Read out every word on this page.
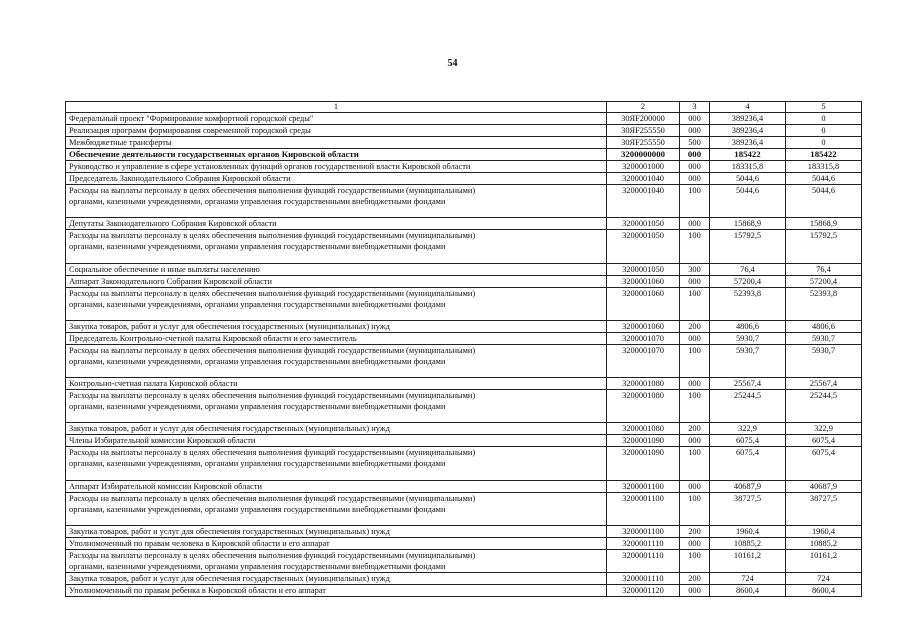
54
1	2	3	4	5
Федеральный проект "Формирование комфортной городской среды"	30ЯF200000	000	389236,4	0
Реализация программ формирования современной городской среды	30ЯF255550	000	389236,4	0
Межбюджетные трансферты	30ЯF255550	500	389236,4	0
Обеспечение деятельности государственных органов Кировской области	3200000000	000	185422	185422
Руководство и управление в сфере установленных функций органов государственной власти Кировской области	3200001000	000	183315,8	183315,8
Председатель Законодательного Собрания Кировской области	3200001040	000	5044,6	5044,6
Расходы на выплаты персоналу в целях обеспечения выполнения функций государственными (муниципальными)
органами, казенными учреждениями, органами управления государственными внебюджетными фондами	3200001040	100	5044,6	5044,6
Депутаты Законодательного Собрания Кировской области	3200001050	000	15868,9	15868,9
Расходы на выплаты персоналу в целях обеспечения выполнения функций государственными (муниципальными)
органами, казенными учреждениями, органами управления государственными внебюджетными фондами	3200001050	100	15792,5	15792,5
Социальное обеспечение и иные выплаты населению	3200001050	300	76,4	76,4
Аппарат Законодательного Собрания Кировской области	3200001060	000	57200,4	57200,4
Расходы на выплаты персоналу в целях обеспечения выполнения функций государственными (муниципальными)
органами, казенными учреждениями, органами управления государственными внебюджетными фондами	3200001060	100	52393,8	52393,8
Закупка товаров, работ и услуг для обеспечения государственных (муниципальных) нужд	3200001060	200	4806,6	4806,6
Председатель Контрольно-счетной палаты Кировской области и его заместитель	3200001070	000	5930,7	5930,7
Расходы на выплаты персоналу в целях обеспечения выполнения функций государственными (муниципальными)
органами, казенными учреждениями, органами управления государственными внебюджетными фондами	3200001070	100	5930,7	5930,7
Контрольно-счетная палата Кировской области	3200001080	000	25567,4	25567,4
Расходы на выплаты персоналу в целях обеспечения выполнения функций государственными (муниципальными)
органами, казенными учреждениями, органами управления государственными внебюджетными фондами	3200001080	100	25244,5	25244,5
Закупка товаров, работ и услуг для обеспечения государственных (муниципальных) нужд	3200001080	200	322,9	322,9
Члены Избирательной комиссии Кировской области	3200001090	000	6075,4	6075,4
Расходы на выплаты персоналу в целях обеспечения выполнения функций государственными (муниципальными)
органами, казенными учреждениями, органами управления государственными внебюджетными фондами	3200001090	100	6075,4	6075,4
Аппарат Избирательной комиссии Кировской области	3200001100	000	40687,9	40687,9
Расходы на выплаты персоналу в целях обеспечения выполнения функций государственными (муниципальными)
органами, казенными учреждениями, органами управления государственными внебюджетными фондами	3200001100	100	38727,5	38727,5
Закупка товаров, работ и услуг для обеспечения государственных (муниципальных) нужд	3200001100	200	1960,4	1960,4
Уполномоченный по правам человека в Кировской области и его аппарат	3200001110	000	10885,2	10885,2
Расходы на выплаты персоналу в целях обеспечения выполнения функций государственными (муниципальными)
органами, казенными учреждениями, органами управления государственными внебюджетными фондами	3200001110	100	10161,2	10161,2
Закупка товаров, работ и услуг для обеспечения государственных (муниципальных) нужд	3200001110	200	724	724
Уполномоченный по правам ребенка в Кировской области и его аппарат	3200001120	000	8600,4	8600,4
